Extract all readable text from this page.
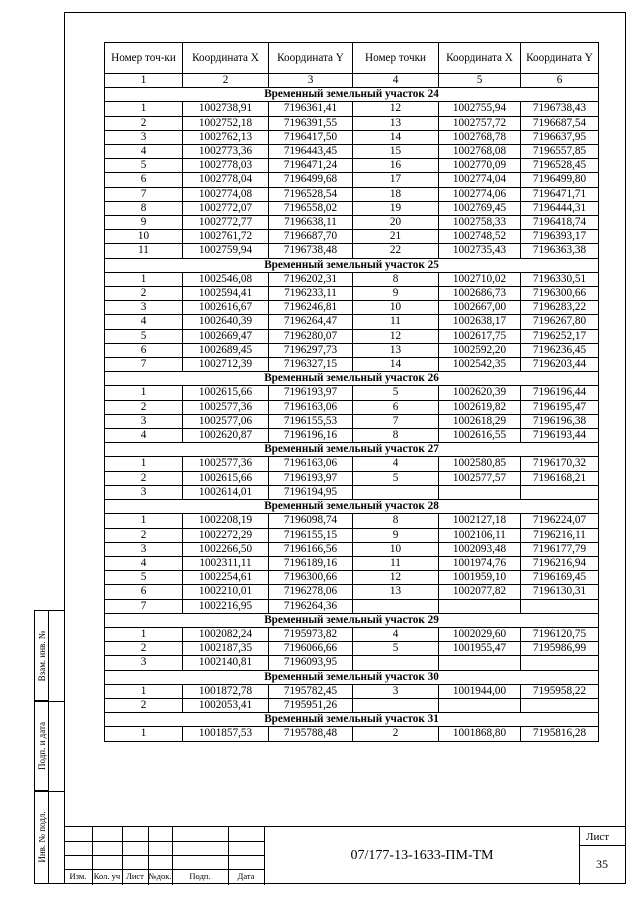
Взам. инв. №
Подп. и дата
Инв. № подл.
Номер точ-ки	Координата X	Координата Y	Номер точки	Координата X	Координата Y
1	2	3	4	5	6
Временный земельный участок 24					
1	1002738,91	7196361,41	12	1002755,94	7196738,43
2	1002752,18	7196391,55	13	1002757,72	7196687,54
3	1002762,13	7196417,50	14	1002768,78	7196637,95
4	1002773,36	7196443,45	15	1002768,08	7196557,85
5	1002778,03	7196471,24	16	1002770,09	7196528,45
6	1002778,04	7196499,68	17	1002774,04	7196499,80
7	1002774,08	7196528,54	18	1002774,06	7196471,71
8	1002772,07	7196558,02	19	1002769,45	7196444,31
9	1002772,77	7196638,11	20	1002758,33	7196418,74
10	1002761,72	7196687,70	21	1002748,52	7196393,17
11	1002759,94	7196738,48	22	1002735,43	7196363,38
Временный земельный участок 25					
1	1002546,08	7196202,31	8	1002710,02	7196330,51
2	1002594,41	7196233,11	9	1002686,73	7196300,66
3	1002616,67	7196246,81	10	1002667,00	7196283,22
4	1002640,39	7196264,47	11	1002638,17	7196267,80
5	1002669,47	7196280,07	12	1002617,75	7196252,17
6	1002689,45	7196297,73	13	1002592,20	7196236,45
7	1002712,39	7196327,15	14	1002542,35	7196203,44
Временный земельный участок 26					
1	1002615,66	7196193,97	5	1002620,39	7196196,44
2	1002577,36	7196163,06	6	1002619,82	7196195,47
3	1002577,06	7196155,53	7	1002618,29	7196196,38
4	1002620,87	7196196,16	8	1002616,55	7196193,44
Временный земельный участок 27					
1	1002577,36	7196163,06	4	1002580,85	7196170,32
2	1002615,66	7196193,97	5	1002577,57	7196168,21
3	1002614,01	7196194,95			
Временный земельный участок 28					
1	1002208,19	7196098,74	8	1002127,18	7196224,07
2	1002272,29	7196155,15	9	1002106,11	7196216,11
3	1002266,50	7196166,56	10	1002093,48	7196177,79
4	1002311,11	7196189,16	11	1001974,76	7196216,94
5	1002254,61	7196300,66	12	1001959,10	7196169,45
6	1002210,01	7196278,06	13	1002077,82	7196130,31
7	1002216,95	7196264,36			
Временный земельный участок 29					
1	1002082,24	7195973,82	4	1002029,60	7196120,75
2	1002187,35	7196066,66	5	1001955,47	7195986,99
3	1002140,81	7196093,95			
Временный земельный участок 30					
1	1001872,78	7195782,45	3	1001944,00	7195958,22
2	1002053,41	7195951,26			
Временный земельный участок 31					
1	1001857,53	7195788,48	2	1001868,80	7195816,28
Изм. Кол. уч Лист №док.	Подп.	Дата
07/177-13-1633-ПМ-ТМ
Лист
35
